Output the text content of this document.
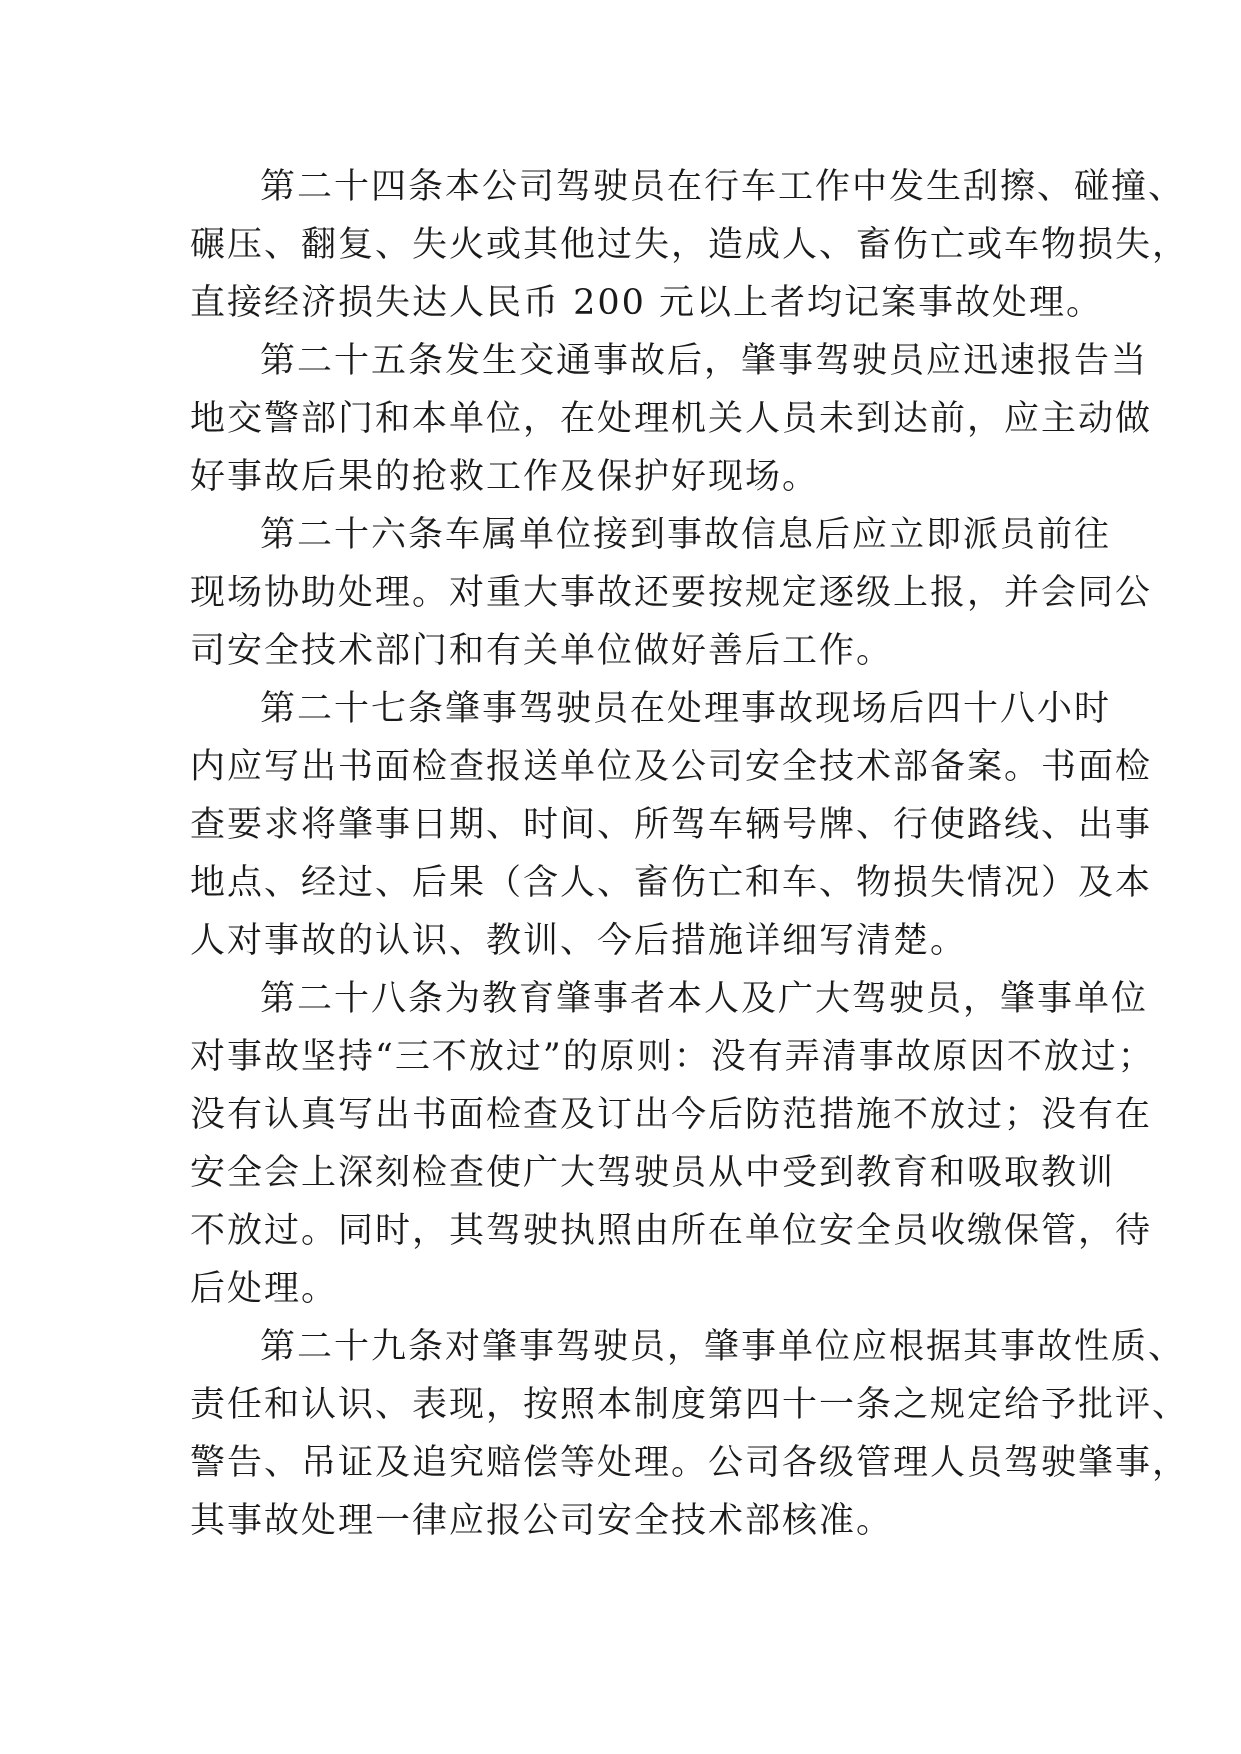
第二十四条本公司驾驶员在行车工作中发生刮擦、碰撞、
碾压、翻复、失火或其他过失，造成人、畜伤亡或车物损失，
直接经济损失达人民币 200 元以上者均记案事故处理。
第二十五条发生交通事故后，肇事驾驶员应迅速报告当
地交警部门和本单位，在处理机关人员未到达前，应主动做
好事故后果的抢救工作及保护好现场。
第二十六条车属单位接到事故信息后应立即派员前往
现场协助处理。对重大事故还要按规定逐级上报，并会同公
司安全技术部门和有关单位做好善后工作。
第二十七条肇事驾驶员在处理事故现场后四十八小时
内应写出书面检查报送单位及公司安全技术部备案。书面检
查要求将肇事日期、时间、所驾车辆号牌、行使路线、出事
地点、经过、后果（含人、畜伤亡和车、物损失情况）及本
人对事故的认识、教训、今后措施详细写清楚。
第二十八条为教育肇事者本人及广大驾驶员，肇事单位
对事故坚持“三不放过”的原则：没有弄清事故原因不放过；
没有认真写出书面检查及订出今后防范措施不放过；没有在
安全会上深刻检查使广大驾驶员从中受到教育和吸取教训
不放过。同时，其驾驶执照由所在单位安全员收缴保管，待
后处理。
第二十九条对肇事驾驶员，肇事单位应根据其事故性质、
责任和认识、表现，按照本制度第四十一条之规定给予批评、
警告、吊证及追究赔偿等处理。公司各级管理人员驾驶肇事，
其事故处理一律应报公司安全技术部核准。
